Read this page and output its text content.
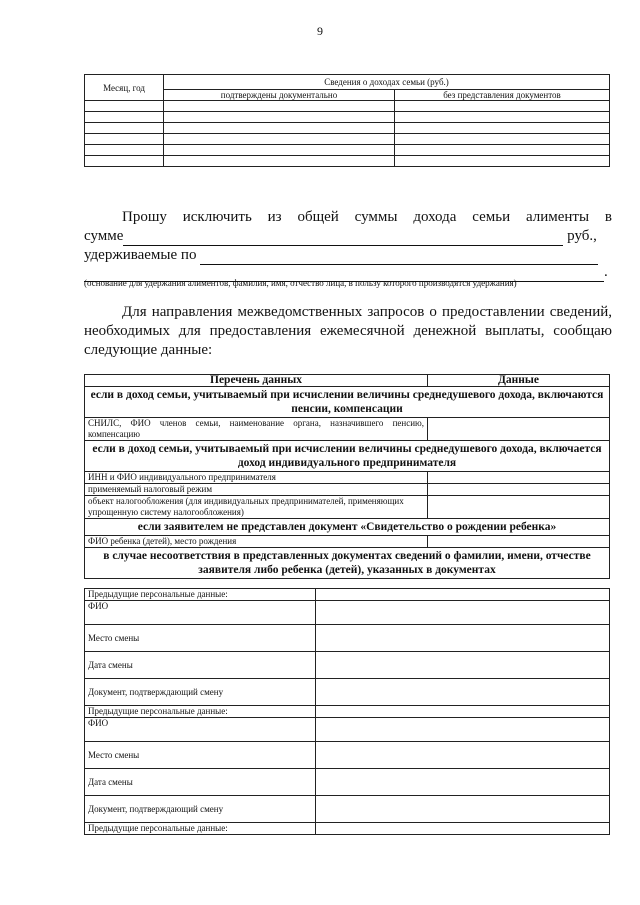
9
Месяц, год	Сведения о доходах семьи (руб.)	
	подтверждены документально	без представления документов

Прошу исключить из общей суммы дохода семьи алименты в
сумме	руб.,
удерживаемые по
.
(основание для удержания алиментов, фамилия, имя, отчество лица, в пользу которого производятся удержания)
Для направления межведомственных запросов о предоставлении сведений, необходимых для предоставления ежемесячной денежной выплаты, сообщаю следующие данные:
Перечень данных	Данные
если в доход семьи, учитываемый при исчислении величины среднедушевого дохода, включаются пенсии, компенсации	
СНИЛС, ФИО членов семьи, наименование органа, назначившего пенсию, компенсацию	
если в доход семьи, учитываемый при исчислении величины среднедушевого дохода, включается доход индивидуального предпринимателя	
ИНН и ФИО индивидуального предпринимателя	
применяемый налоговый режим	
объект налогообложения (для индивидуальных предпринимателей, применяющих упрощенную систему налогообложения)	
если заявителем не представлен документ «Свидетельство о рождении ребенка»	
ФИО ребенка (детей), место рождения	
в случае несоответствия в представленных документах сведений о фамилии, имени, отчестве заявителя либо ребенка (детей), указанных в документах	
Предыдущие персональные данные:	
ФИО	
Место смены	
Дата смены	
Документ, подтверждающий смену	
Предыдущие персональные данные:	
ФИО	
Место смены	
Дата смены	
Документ, подтверждающий смену	
Предыдущие персональные данные:	
